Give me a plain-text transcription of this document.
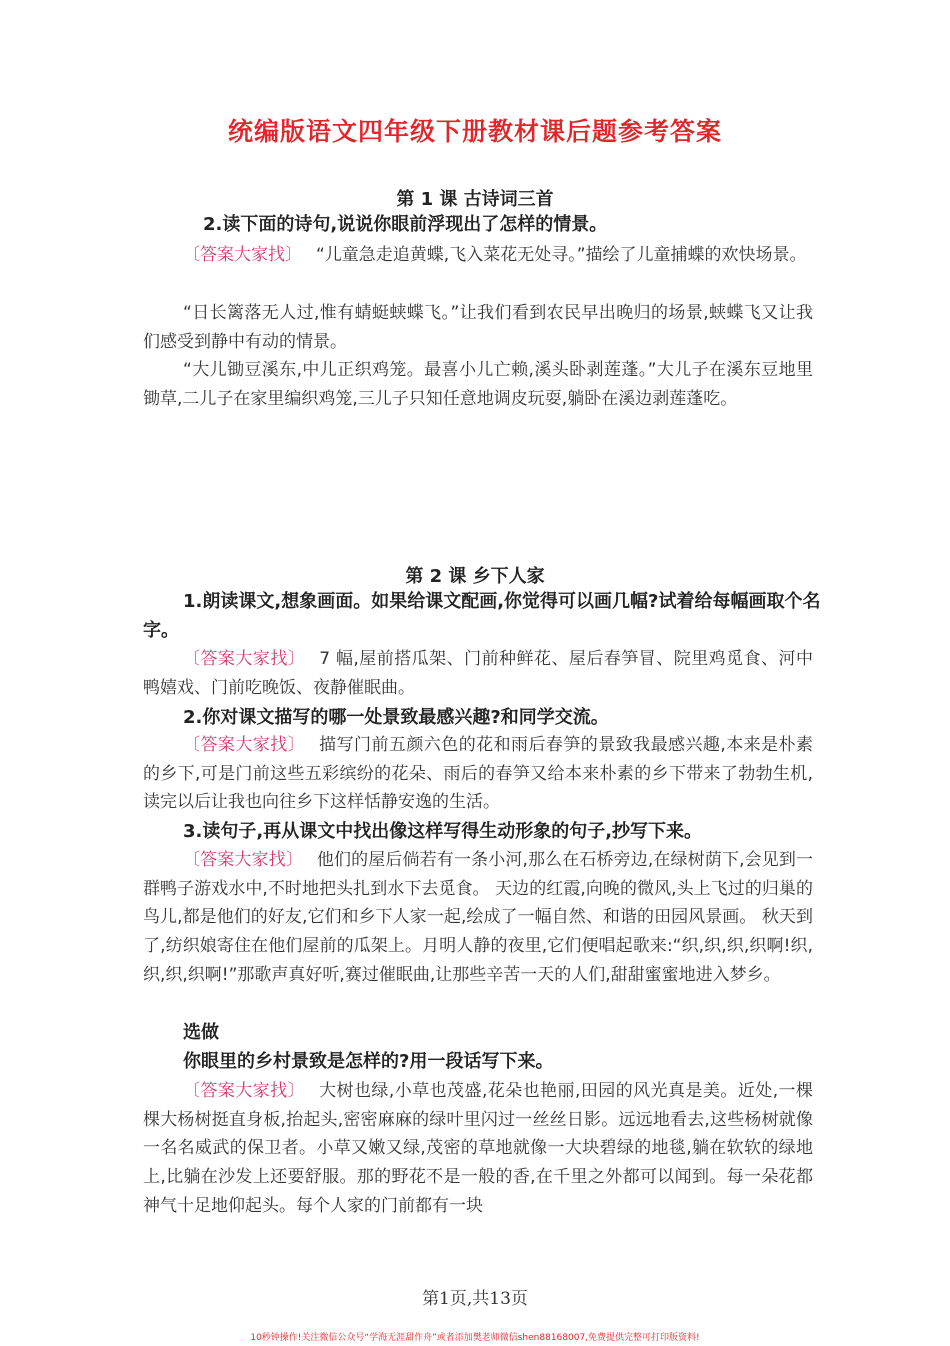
统编版语文四年级下册教材课后题参考答案
第 1 课 古诗词三首
2.读下面的诗句,说说你眼前浮现出了怎样的情景。
〔答案大家找〕 “儿童急走追黄蝶,飞入菜花无处寻。”描绘了儿童捕蝶的欢快场景。
“日长篱落无人过,惟有蜻蜓蛱蝶飞。”让我们看到农民早出晚归的场景,蛱蝶飞又让我们感受到静中有动的情景。
“大儿锄豆溪东,中儿正织鸡笼。最喜小儿亡赖,溪头卧剥莲蓬。”大儿子在溪东豆地里锄草,二儿子在家里编织鸡笼,三儿子只知任意地调皮玩耍,躺卧在溪边剥莲蓬吃。
第 2 课 乡下人家
1.朗读课文,想象画面。如果给课文配画,你觉得可以画几幅?试着给每幅画取个名字。
〔答案大家找〕 7 幅,屋前搭瓜架、门前种鲜花、屋后春笋冒、院里鸡觅食、河中鸭嬉戏、门前吃晚饭、夜静催眠曲。
2.你对课文描写的哪一处景致最感兴趣?和同学交流。
〔答案大家找〕 描写门前五颜六色的花和雨后春笋的景致我最感兴趣,本来是朴素的乡下,可是门前这些五彩缤纷的花朵、雨后的春笋又给本来朴素的乡下带来了勃勃生机,读完以后让我也向往乡下这样恬静安逸的生活。
3.读句子,再从课文中找出像这样写得生动形象的句子,抄写下来。
〔答案大家找〕 他们的屋后倘若有一条小河,那么在石桥旁边,在绿树荫下,会见到一群鸭子游戏水中,不时地把头扎到水下去觅食。 天边的红霞,向晚的微风,头上飞过的归巢的鸟儿,都是他们的好友,它们和乡下人家一起,绘成了一幅自然、和谐的田园风景画。 秋天到了,纺织娘寄住在他们屋前的瓜架上。月明人静的夜里,它们便唱起歌来:“织,织,织,织啊!织,织,织,织啊!”那歌声真好听,赛过催眠曲,让那些辛苦一天的人们,甜甜蜜蜜地进入梦乡。
选做
你眼里的乡村景致是怎样的?用一段话写下来。
〔答案大家找〕 大树也绿,小草也茂盛,花朵也艳丽,田园的风光真是美。近处,一棵棵大杨树挺直身板,抬起头,密密麻麻的绿叶里闪过一丝丝日影。远远地看去,这些杨树就像一名名威武的保卫者。小草又嫩又绿,茂密的草地就像一大块碧绿的地毯,躺在软软的绿地上,比躺在沙发上还要舒服。那的野花不是一般的香,在千里之外都可以闻到。每一朵花都神气十足地仰起头。每个人家的门前都有一块
第1页,共13页
10秒钟操作!关注微信公众号“学海无涯甜作舟”或者添加樊老师微信shen88168007,免费提供完整可打印版资料!
